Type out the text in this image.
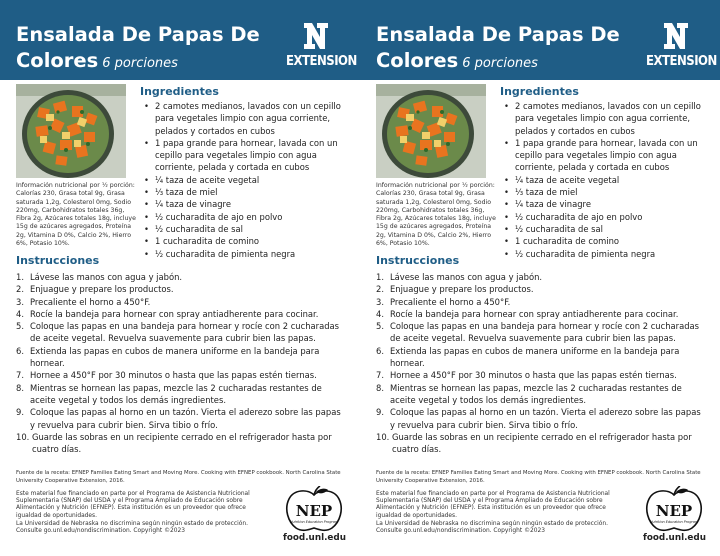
Ensalada De Papas De Colores 6 porciones	EXTENSION
Información nutricional por ½ porción: Calorías 230, Grasa total 9g, Grasa saturada 1,2g, Colesterol 0mg, Sodio 220mg, Carbohidratos totales 36g, Fibra 2g, Azúcares totales 18g, incluye 15g de azúcares agregados, Proteína 2g, Vitamina D 0%, Calcio 2%, Hierro 6%, Potasio 10%.
Ingredientes
• 2 camotes medianos, lavados con un cepillo para vegetales limpio con agua corriente, pelados y cortados en cubos
• 1 papa grande para hornear, lavada con un cepillo para vegetales limpio con agua corriente, pelada y cortada en cubos
• ¼ taza de aceite vegetal
• ⅓ taza de miel
• ¼ taza de vinagre
• ½ cucharadita de ajo en polvo
• ½ cucharadita de sal
• 1 cucharadita de comino
• ½ cucharadita de pimienta negra
Instrucciones
1. Lávese las manos con agua y jabón.
2. Enjuague y prepare los productos.
3. Precaliente el horno a 450°F.
4. Rocíe la bandeja para hornear con spray antiadherente para cocinar.
5. Coloque las papas en una bandeja para hornear y rocíe con 2 cucharadas de aceite vegetal. Revuelva suavemente para cubrir bien las papas.
6. Extienda las papas en cubos de manera uniforme en la bandeja para hornear.
7. Hornee a 450°F por 30 minutos o hasta que las papas estén tiernas.
8. Mientras se hornean las papas, mezcle las 2 cucharadas restantes de aceite vegetal y todos los demás ingredientes.
9. Coloque las papas al horno en un tazón. Vierta el aderezo sobre las papas y revuelva para cubrir bien. Sirva tibio o frío.
10. Guarde las sobras en un recipiente cerrado en el refrigerador hasta por cuatro días.
Fuente de la receta: EFNEP Families Eating Smart and Moving More. Cooking with EFNEP cookbook. North Carolina State University Cooperative Extension, 2016.
Este material fue financiado en parte por el Programa de Asistencia Nutricional Suplementaria (SNAP) del USDA y el Programa Ampliado de Educación sobre Alimentación y Nutrición (EFNEP). Esta institución es un proveedor que ofrece igualdad de oportunidades.
La Universidad de Nebraska no discrimina según ningún estado de protección. Consulte go.unl.edu/nondiscrimination. Copyright ©2023
NEP
Nutrition Education Program
food.unl.edu
Ensalada De Papas De Colores 6 porciones	EXTENSION
Información nutricional por ½ porción: Calorías 230, Grasa total 9g, Grasa saturada 1,2g, Colesterol 0mg, Sodio 220mg, Carbohidratos totales 36g, Fibra 2g, Azúcares totales 18g, incluye 15g de azúcares agregados, Proteína 2g, Vitamina D 0%, Calcio 2%, Hierro 6%, Potasio 10%.
Ingredientes
• 2 camotes medianos, lavados con un cepillo para vegetales limpio con agua corriente, pelados y cortados en cubos
• 1 papa grande para hornear, lavada con un cepillo para vegetales limpio con agua corriente, pelada y cortada en cubos
• ¼ taza de aceite vegetal
• ⅓ taza de miel
• ¼ taza de vinagre
• ½ cucharadita de ajo en polvo
• ½ cucharadita de sal
• 1 cucharadita de comino
• ½ cucharadita de pimienta negra
Instrucciones
1. Lávese las manos con agua y jabón.
2. Enjuague y prepare los productos.
3. Precaliente el horno a 450°F.
4. Rocíe la bandeja para hornear con spray antiadherente para cocinar.
5. Coloque las papas en una bandeja para hornear y rocíe con 2 cucharadas de aceite vegetal. Revuelva suavemente para cubrir bien las papas.
6. Extienda las papas en cubos de manera uniforme en la bandeja para hornear.
7. Hornee a 450°F por 30 minutos o hasta que las papas estén tiernas.
8. Mientras se hornean las papas, mezcle las 2 cucharadas restantes de aceite vegetal y todos los demás ingredientes.
9. Coloque las papas al horno en un tazón. Vierta el aderezo sobre las papas y revuelva para cubrir bien. Sirva tibio o frío.
10. Guarde las sobras en un recipiente cerrado en el refrigerador hasta por cuatro días.
Fuente de la receta: EFNEP Families Eating Smart and Moving More. Cooking with EFNEP cookbook. North Carolina State University Cooperative Extension, 2016.
Este material fue financiado en parte por el Programa de Asistencia Nutricional Suplementaria (SNAP) del USDA y el Programa Ampliado de Educación sobre Alimentación y Nutrición (EFNEP). Esta institución es un proveedor que ofrece igualdad de oportunidades.
La Universidad de Nebraska no discrimina según ningún estado de protección. Consulte go.unl.edu/nondiscrimination. Copyright ©2023
NEP
Nutrition Education Program
food.unl.edu
